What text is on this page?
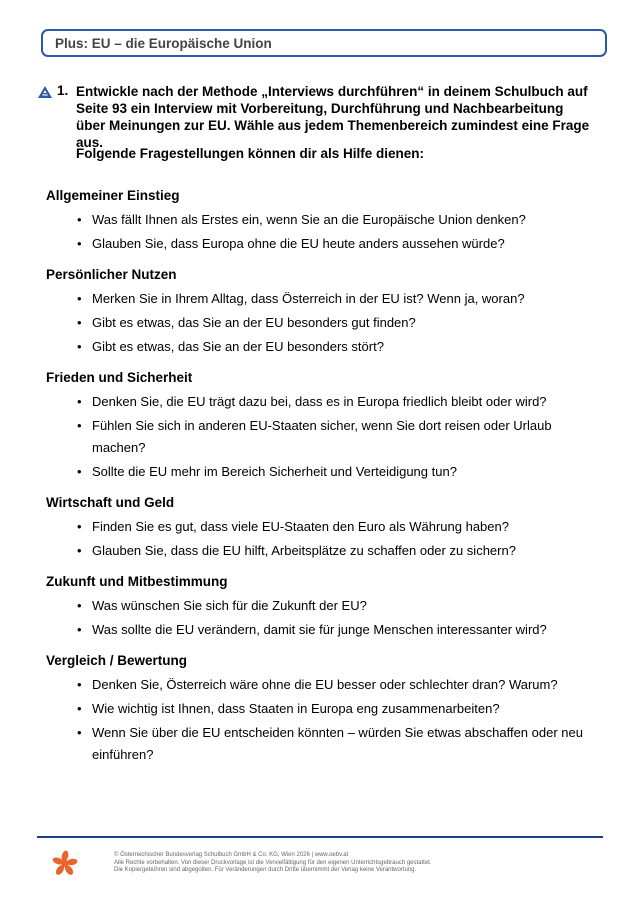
Plus: EU – die Europäische Union
1. Entwickle nach der Methode „Interviews durchführen“ in deinem Schulbuch auf Seite 93 ein Interview mit Vorbereitung, Durchführung und Nachbearbeitung über Meinungen zur EU. Wähle aus jedem Themenbereich zumindest eine Frage aus.
Folgende Fragestellungen können dir als Hilfe dienen:
Allgemeiner Einstieg
• Was fällt Ihnen als Erstes ein, wenn Sie an die Europäische Union denken?
• Glauben Sie, dass Europa ohne die EU heute anders aussehen würde?
Persönlicher Nutzen
• Merken Sie in Ihrem Alltag, dass Österreich in der EU ist? Wenn ja, woran?
• Gibt es etwas, das Sie an der EU besonders gut finden?
• Gibt es etwas, das Sie an der EU besonders stört?
Frieden und Sicherheit
• Denken Sie, die EU trägt dazu bei, dass es in Europa friedlich bleibt oder wird?
• Fühlen Sie sich in anderen EU-Staaten sicher, wenn Sie dort reisen oder Urlaub machen?
• Sollte die EU mehr im Bereich Sicherheit und Verteidigung tun?
Wirtschaft und Geld
• Finden Sie es gut, dass viele EU-Staaten den Euro als Währung haben?
• Glauben Sie, dass die EU hilft, Arbeitsplätze zu schaffen oder zu sichern?
Zukunft und Mitbestimmung
• Was wünschen Sie sich für die Zukunft der EU?
• Was sollte die EU verändern, damit sie für junge Menschen interessanter wird?
Vergleich / Bewertung
• Denken Sie, Österreich wäre ohne die EU besser oder schlechter dran? Warum?
• Wie wichtig ist Ihnen, dass Staaten in Europa eng zusammenarbeiten?
• Wenn Sie über die EU entscheiden könnten – würden Sie etwas abschaffen oder neu einführen?
© Österreichischer Bundesverlag Schulbuch GmbH & Co. KG, Wien 2026 | www.oebv.at
Alle Rechte vorbehalten. Von dieser Druckvorlage ist die Vervielfältigung für den eigenen Unterrichtsgebrauch gestattet.
Die Kopiergebühren sind abgegolten. Für Veränderungen durch Dritte übernimmt der Verlag keine Verantwortung.
